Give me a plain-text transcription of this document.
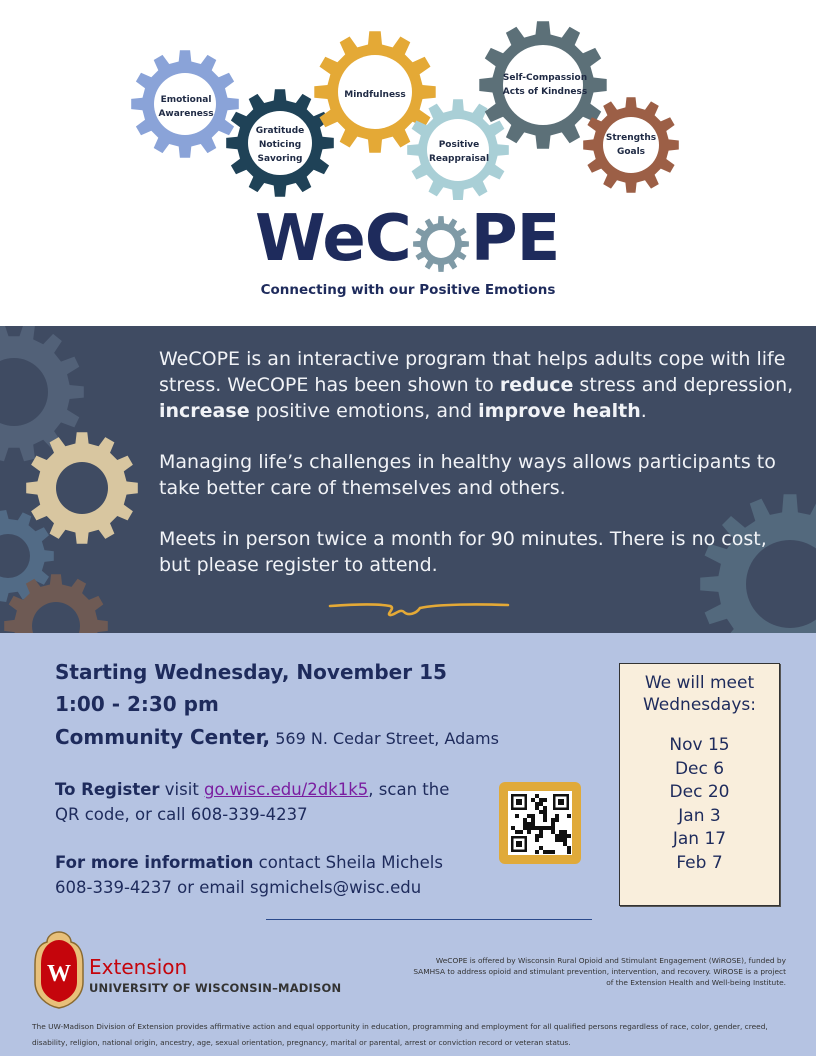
Emotional
Awareness
Gratitude
Noticing
Savoring
Mindfulness
Positive
Reappraisal
Self-Compassion
Acts of Kindness
Strengths
Goals
WeC PE
Connecting with our Positive Emotions

WeCOPE is an interactive program that helps adults cope with life stress. WeCOPE has been shown to reduce stress and depression, increase positive emotions, and improve health.

Managing life’s challenges in healthy ways allows participants to take better care of themselves and others.

Meets in person twice a month for 90 minutes. There is no cost, but please register to attend.

Starting Wednesday, November 15
1:00 - 2:30 pm
Community Center, 569 N. Cedar Street, Adams
To Register visit go.wisc.edu/2dk1k5, scan the
QR code, or call 608-339-4237
For more information contact Sheila Michels
608-339-4237 or email sgmichels@wisc.edu
We will meet Wednesdays:
Nov 15
Dec 6
Dec 20
Jan 3
Jan 17
Feb 7
W Extension
UNIVERSITY OF WISCONSIN–MADISON
WeCOPE is offered by Wisconsin Rural Opioid and Stimulant Engagement (WiROSE), funded by SAMHSA to address opioid and stimulant prevention, intervention, and recovery. WiROSE is a project of the Extension Health and Well-being Institute.
The UW-Madison Division of Extension provides affirmative action and equal opportunity in education, programming and employment for all qualified persons regardless of race, color, gender, creed, disability, religion, national origin, ancestry, age, sexual orientation, pregnancy, marital or parental, arrest or conviction record or veteran status.
